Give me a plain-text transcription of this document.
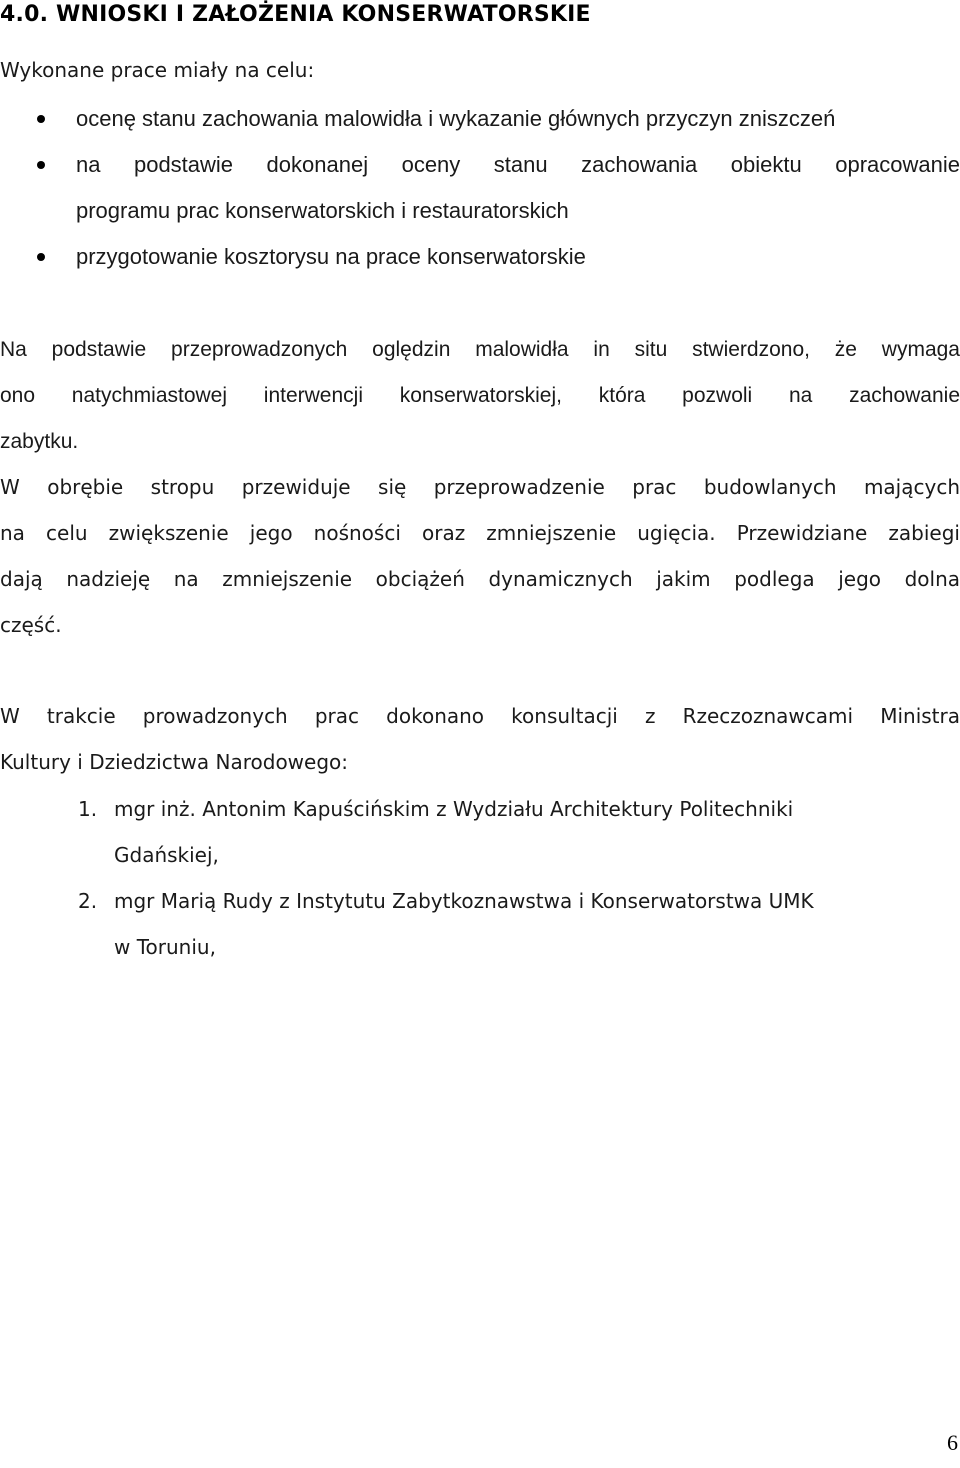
4.0. WNIOSKI I ZAŁOŻENIA KONSERWATORSKIE
Wykonane prace miały na celu:
ocenę stanu zachowania malowidła i wykazanie głównych przyczyn zniszczeń
na podstawie dokonanej oceny stanu zachowania obiektu opracowanie
programu prac konserwatorskich i restauratorskich
przygotowanie kosztorysu na prace konserwatorskie
Na podstawie przeprowadzonych oględzin malowidła in situ stwierdzono, że wymaga
ono natychmiastowej interwencji konserwatorskiej, która pozwoli na zachowanie
zabytku.
W obrębie stropu przewiduje się przeprowadzenie prac budowlanych mających
na celu zwiększenie jego nośności oraz zmniejszenie ugięcia. Przewidziane zabiegi
dają nadzieję na zmniejszenie obciążeń dynamicznych jakim podlega jego dolna
część.
W trakcie prowadzonych prac dokonano konsultacji z Rzeczoznawcami Ministra
Kultury i Dziedzictwa Narodowego:
1. mgr inż. Antonim Kapuścińskim z Wydziału Architektury Politechniki
Gdańskiej,
2. mgr Marią Rudy z Instytutu Zabytkoznawstwa i Konserwatorstwa UMK
w Toruniu,
6
